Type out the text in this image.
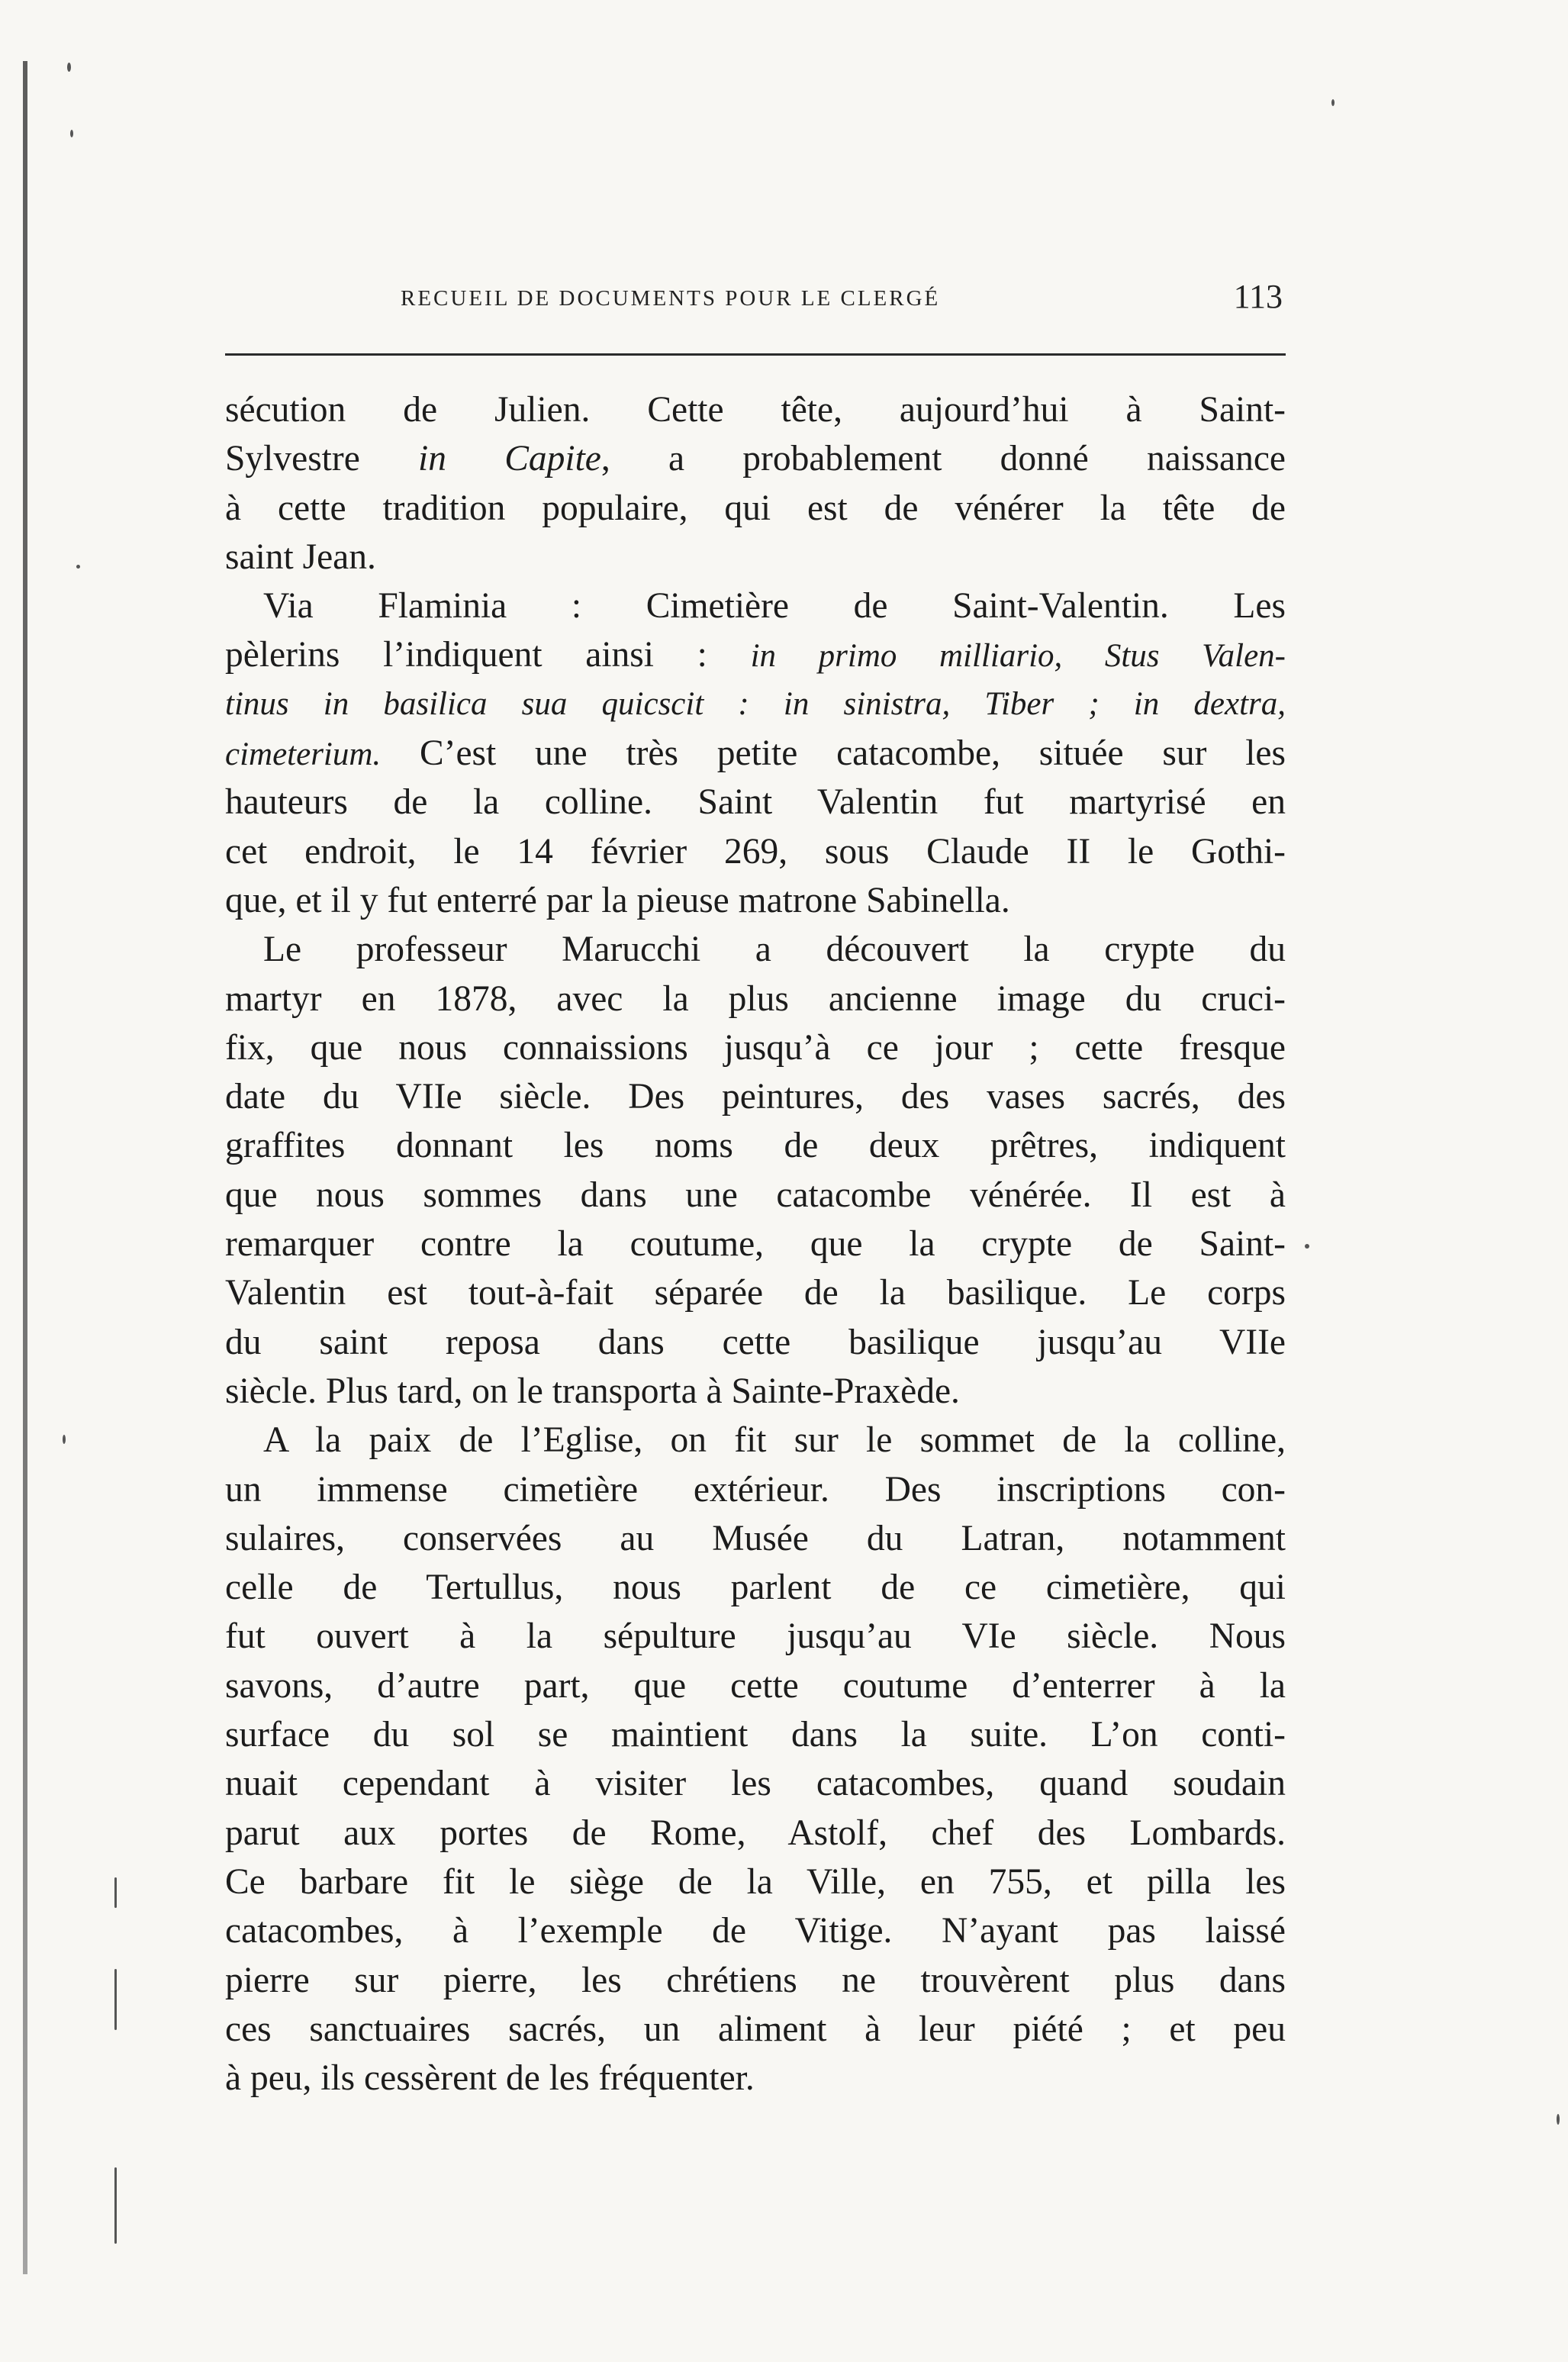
RECUEIL DE DOCUMENTS POUR LE CLERGÉ	113
sécution de Julien. Cette tête, aujourd’hui à Saint-
Sylvestre in Capite, a probablement donné naissance
à cette tradition populaire, qui est de vénérer la tête de
saint Jean.
Via Flaminia : Cimetière de Saint-Valentin. Les
pèlerins l’indiquent ainsi : in primo milliario, Stus Valen-
tinus in basilica sua quicscit : in sinistra, Tiber ; in dextra,
cimeterium. C’est une très petite catacombe, située sur les
hauteurs de la colline. Saint Valentin fut martyrisé en
cet endroit, le 14 février 269, sous Claude II le Gothi-
que, et il y fut enterré par la pieuse matrone Sabinella.
Le professeur Marucchi a découvert la crypte du
martyr en 1878, avec la plus ancienne image du cruci-
fix, que nous connaissions jusqu’à ce jour ; cette fresque
date du VIIe siècle. Des peintures, des vases sacrés, des
graffites donnant les noms de deux prêtres, indiquent
que nous sommes dans une catacombe vénérée. Il est à
remarquer contre la coutume, que la crypte de Saint-
Valentin est tout-à-fait séparée de la basilique. Le corps
du saint reposa dans cette basilique jusqu’au VIIe
siècle. Plus tard, on le transporta à Sainte-Praxède.
A la paix de l’Eglise, on fit sur le sommet de la colline,
un immense cimetière extérieur. Des inscriptions con-
sulaires, conservées au Musée du Latran, notamment
celle de Tertullus, nous parlent de ce cimetière, qui
fut ouvert à la sépulture jusqu’au VIe siècle. Nous
savons, d’autre part, que cette coutume d’enterrer à la
surface du sol se maintient dans la suite. L’on conti-
nuait cependant à visiter les catacombes, quand soudain
parut aux portes de Rome, Astolf, chef des Lombards.
Ce barbare fit le siège de la Ville, en 755, et pilla les
catacombes, à l’exemple de Vitige. N’ayant pas laissé
pierre sur pierre, les chrétiens ne trouvèrent plus dans
ces sanctuaires sacrés, un aliment à leur piété ; et peu
à peu, ils cessèrent de les fréquenter.
